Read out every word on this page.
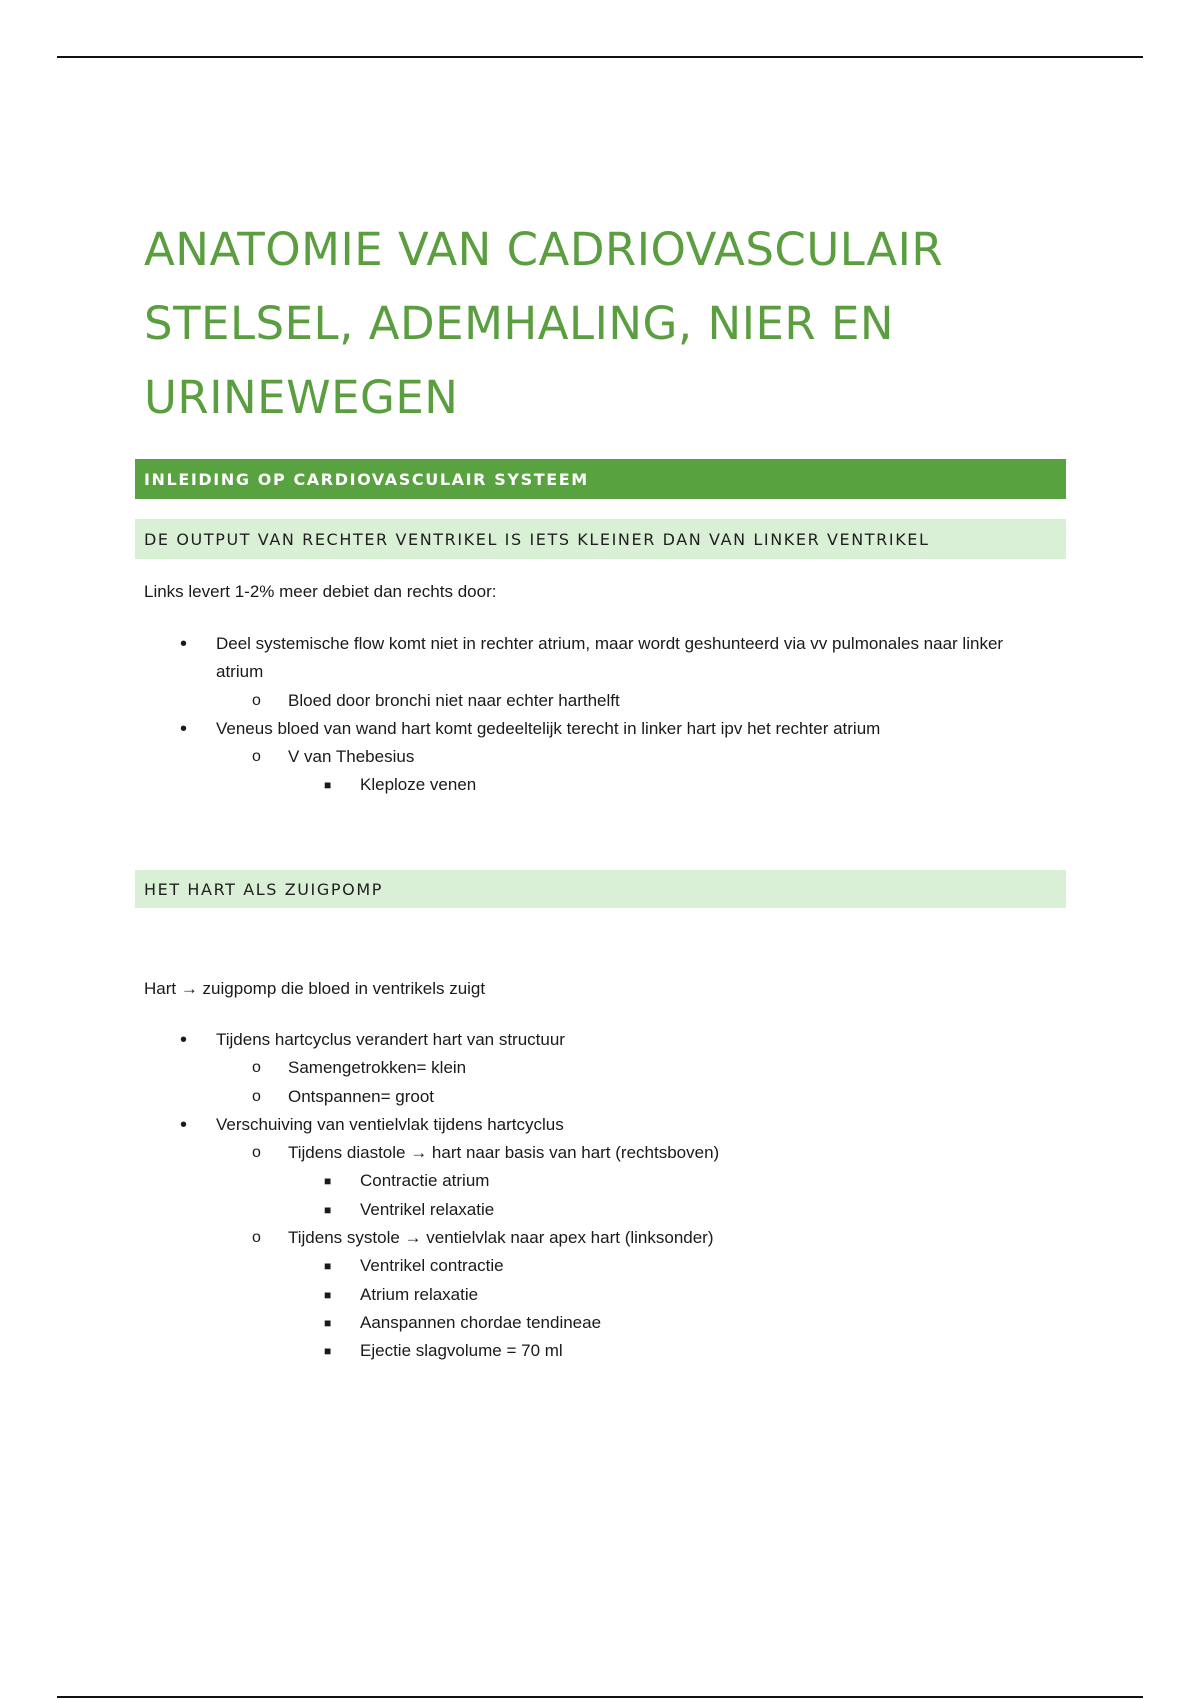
ANATOMIE VAN CADRIOVASCULAIR
STELSEL, ADEMHALING, NIER EN
URINEWEGEN
INLEIDING OP CARDIOVASCULAIR SYSTEEM
DE OUTPUT VAN RECHTER VENTRIKEL IS IETS KLEINER DAN VAN LINKER VENTRIKEL

Links levert 1-2% meer debiet dan rechts door:

• Deel systemische flow komt niet in rechter atrium, maar wordt geshunteerd via vv pulmonales naar linker atrium
o Bloed door bronchi niet naar echter harthelft
• Veneus bloed van wand hart komt gedeeltelijk terecht in linker hart ipv het rechter atrium
o V van Thebesius
■ Kleploze venen
HET HART ALS ZUIGPOMP

Hart → zuigpomp die bloed in ventrikels zuigt

• Tijdens hartcyclus verandert hart van structuur
o Samengetrokken= klein
o Ontspannen= groot
• Verschuiving van ventielvlak tijdens hartcyclus
o Tijdens diastole → hart naar basis van hart (rechtsboven)
■ Contractie atrium
■ Ventrikel relaxatie
o Tijdens systole → ventielvlak naar apex hart (linksonder)
■ Ventrikel contractie
■ Atrium relaxatie
■ Aanspannen chordae tendineae
■ Ejectie slagvolume = 70 ml
